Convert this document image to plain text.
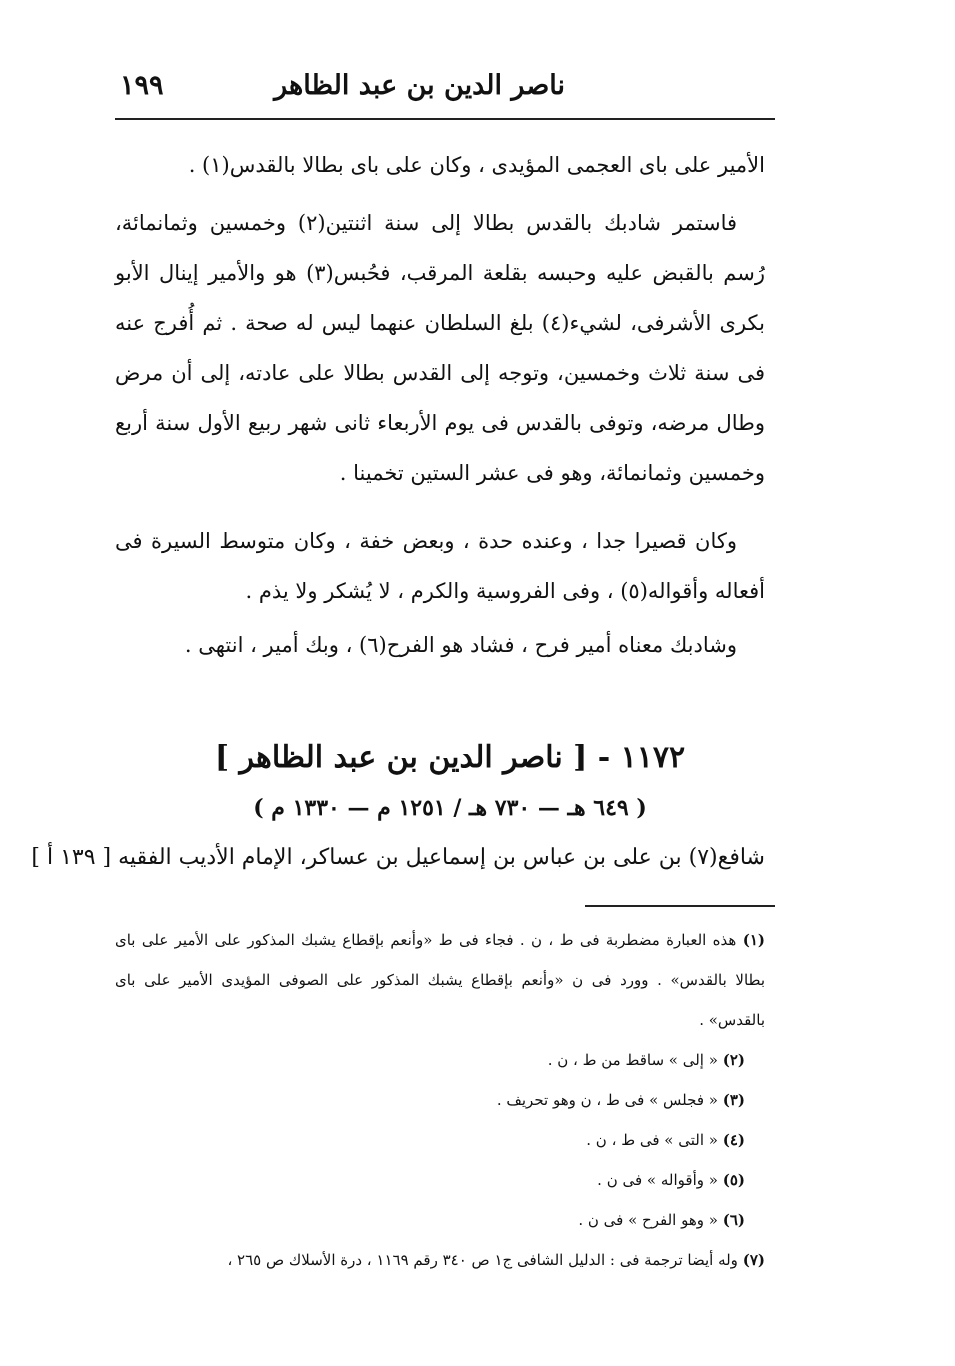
ناصر الدين بن عبد الظاهر
١٩٩

الأمير على باى العجمى المؤيدى ، وكان على باى بطالا بالقدس(١) .

فاستمر شادبك بالقدس بطالا إلى سنة اثنتين(٢) وخمسين وثمانمائة، رُسم بالقبض عليه وحبسه بقلعة المرقب، فحُبس(٣) هو والأمير إينال الأبو بكرى الأشرفى، لشيء(٤) بلغ السلطان عنهما ليس له صحة . ثم أُفرج عنه فى سنة ثلاث وخمسين، وتوجه إلى القدس بطالا على عادته، إلى أن مرض وطال مرضه، وتوفى بالقدس فى يوم الأربعاء ثانى شهر ربيع الأول سنة أربع وخمسين وثمانمائة، وهو فى عشر الستين تخمينا .

وكان قصيرا جدا ، وعنده حدة ، وبعض خفة ، وكان متوسط السيرة فى أفعاله وأقواله(٥) ، وفى الفروسية والكرم ، لا يُشكر ولا يذم .

وشادبك معناه أمير فرح ، فشاد هو الفرح(٦) ، وبك أمير ، انتهى .

١١٧٢ - [ ناصر الدين بن عبد الظاهر ]
( ٦٤٩ هـ — ٧٣٠ هـ / ١٢٥١ م — ١٣٣٠ م )
شافع(٧) بن على بن عباس بن إسماعيل بن عساكر، الإمام الأديب الفقيه [ ١٣٩ أ ]

(١) هذه العبارة مضطربة فى ط ، ن . فجاء فى ط «وأنعم بإقطاع يشبك المذكور على الأمير على باى بطالا بالقدس» . وورد فى ن «وأنعم بإقطاع يشبك المذكور على الصوفى المؤيدى الأمير على باى بالقدس» .

(٢) « إلى » ساقط من ط ، ن .

(٣) « فجلس » فى ط ، ن وهو تحريف .

(٤) « التى » فى ط ، ن .

(٥) « وأقواله » فى ن .

(٦) « وهو الفرح » فى ن .

(٧) وله أيضا ترجمة فى : الدليل الشافى ج١ ص ٣٤٠ رقم ١١٦٩ ، درة الأسلاك ص ٢٦٥ ،
